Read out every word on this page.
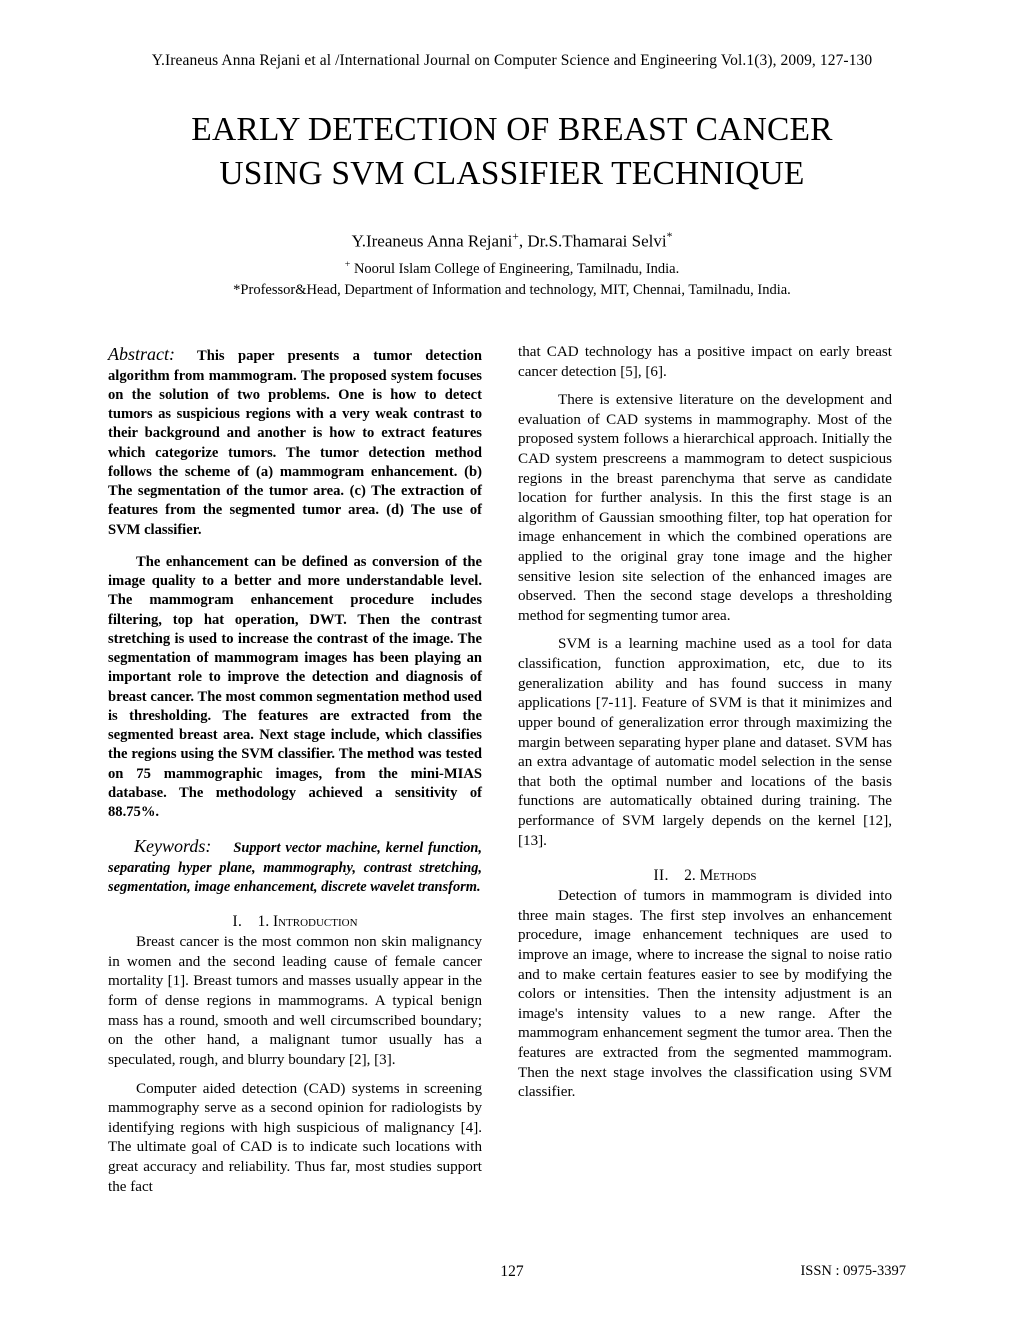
Y.Ireaneus Anna Rejani et al /International Journal on Computer Science and Engineering Vol.1(3), 2009, 127-130
EARLY DETECTION OF BREAST CANCER
USING SVM CLASSIFIER TECHNIQUE
Y.Ireaneus Anna Rejani+, Dr.S.Thamarai Selvi*
+ Noorul Islam College of Engineering, Tamilnadu, India.
*Professor&Head, Department of Information and technology, MIT, Chennai, Tamilnadu, India.

Abstract: This paper presents a tumor detection algorithm from mammogram. The proposed system focuses on the solution of two problems. One is how to detect tumors as suspicious regions with a very weak contrast to their background and another is how to extract features which categorize tumors. The tumor detection method follows the scheme of (a) mammogram enhancement. (b) The segmentation of the tumor area. (c) The extraction of features from the segmented tumor area. (d) The use of SVM classifier.

The enhancement can be defined as conversion of the image quality to a better and more understandable level. The mammogram enhancement procedure includes filtering, top hat operation, DWT. Then the contrast stretching is used to increase the contrast of the image. The segmentation of mammogram images has been playing an important role to improve the detection and diagnosis of breast cancer. The most common segmentation method used is thresholding. The features are extracted from the segmented breast area. Next stage include, which classifies the regions using the SVM classifier. The method was tested on 75 mammographic images, from the mini-MIAS database. The methodology achieved a sensitivity of 88.75%.

Keywords: Support vector machine, kernel function, separating hyper plane, mammography, contrast stretching, segmentation, image enhancement, discrete wavelet transform.

I. 1. Introduction

Breast cancer is the most common non skin malignancy in women and the second leading cause of female cancer mortality [1]. Breast tumors and masses usually appear in the form of dense regions in mammograms. A typical benign mass has a round, smooth and well circumscribed boundary; on the other hand, a malignant tumor usually has a speculated, rough, and blurry boundary [2], [3].

Computer aided detection (CAD) systems in screening mammography serve as a second opinion for radiologists by identifying regions with high suspicious of malignancy [4]. The ultimate goal of CAD is to indicate such locations with great accuracy and reliability. Thus far, most studies support the fact

that CAD technology has a positive impact on early breast cancer detection [5], [6].

There is extensive literature on the development and evaluation of CAD systems in mammography. Most of the proposed system follows a hierarchical approach. Initially the CAD system prescreens a mammogram to detect suspicious regions in the breast parenchyma that serve as candidate location for further analysis. In this the first stage is an algorithm of Gaussian smoothing filter, top hat operation for image enhancement in which the combined operations are applied to the original gray tone image and the higher sensitive lesion site selection of the enhanced images are observed. Then the second stage develops a thresholding method for segmenting tumor area.

SVM is a learning machine used as a tool for data classification, function approximation, etc, due to its generalization ability and has found success in many applications [7-11]. Feature of SVM is that it minimizes and upper bound of generalization error through maximizing the margin between separating hyper plane and dataset. SVM has an extra advantage of automatic model selection in the sense that both the optimal number and locations of the basis functions are automatically obtained during training. The performance of SVM largely depends on the kernel [12], [13].

II. 2. Methods

Detection of tumors in mammogram is divided into three main stages. The first step involves an enhancement procedure, image enhancement techniques are used to improve an image, where to increase the signal to noise ratio and to make certain features easier to see by modifying the colors or intensities. Then the intensity adjustment is an image's intensity values to a new range. After the mammogram enhancement segment the tumor area. Then the features are extracted from the segmented mammogram. Then the next stage involves the classification using SVM classifier.

127	ISSN : 0975-3397
